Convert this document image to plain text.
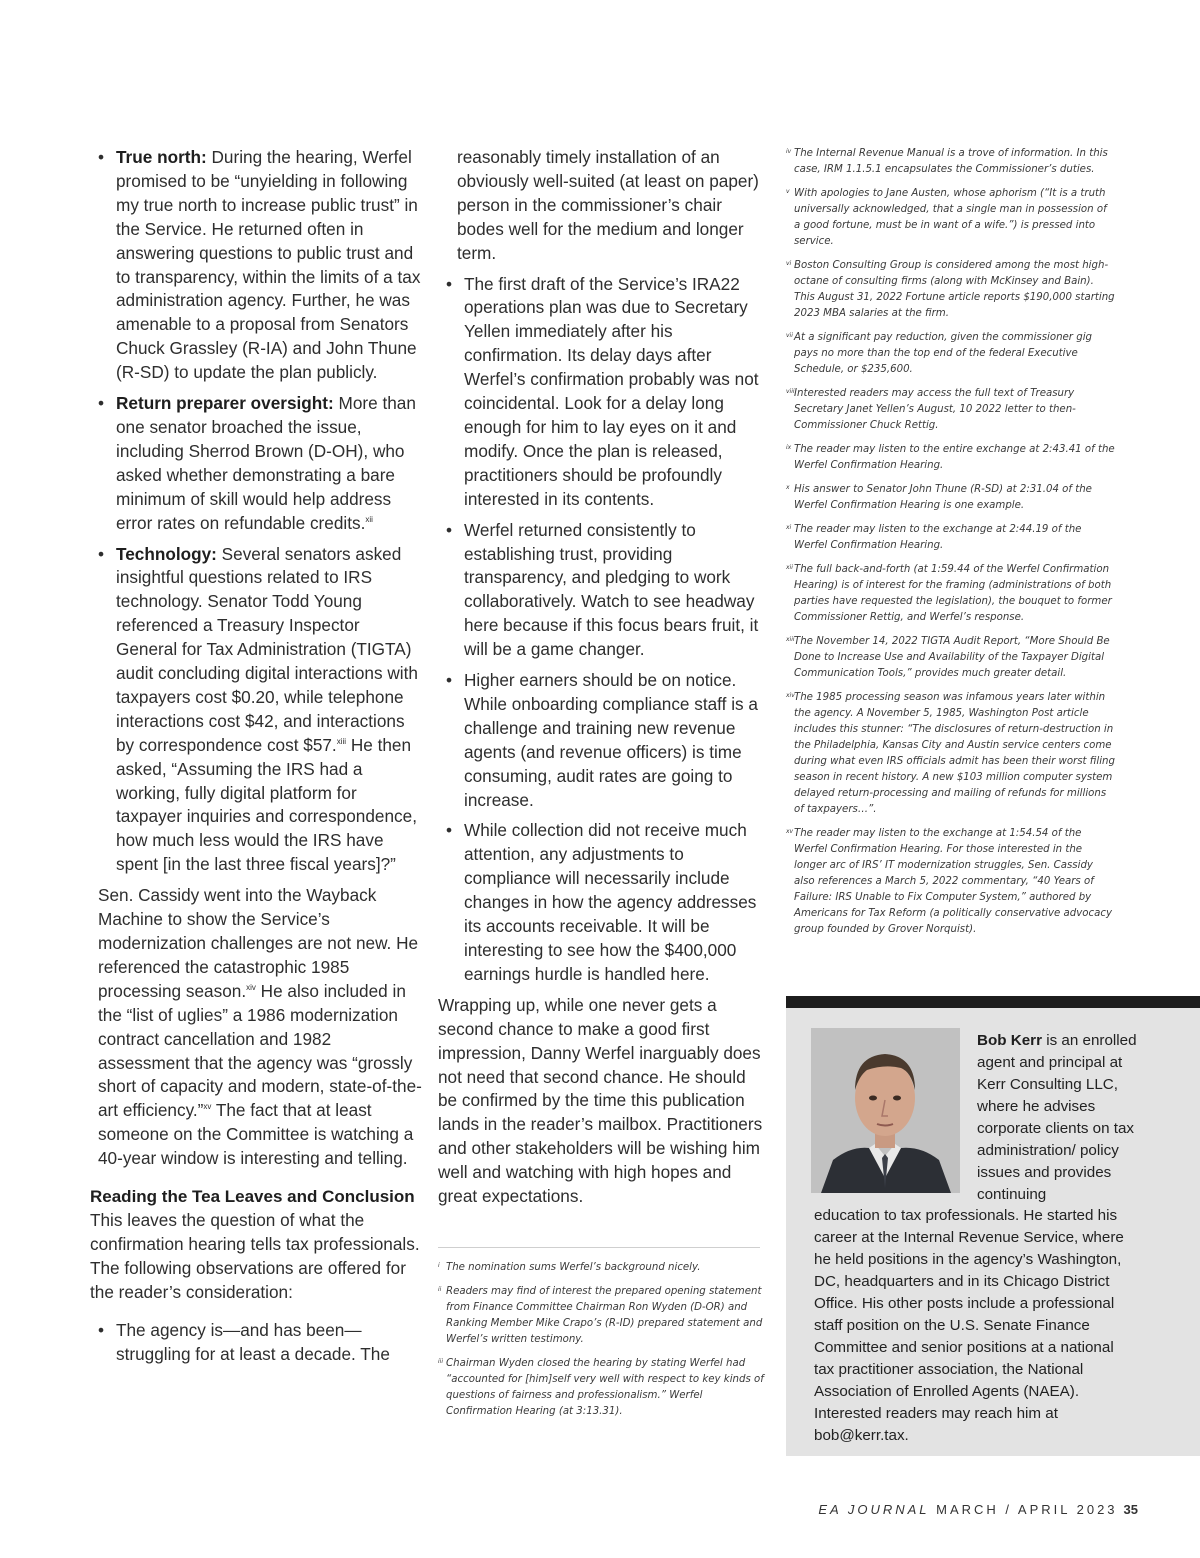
• True north: During the hearing, Werfel promised to be “unyielding in following my true north to increase public trust” in the Service. He returned often in answering questions to public trust and to transparency, within the limits of a tax administration agency. Further, he was amenable to a proposal from Senators Chuck Grassley (R-IA) and John Thune (R-SD) to update the plan publicly.
• Return preparer oversight: More than one senator broached the issue, including Sherrod Brown (D-OH), who asked whether demonstrating a bare minimum of skill would help address error rates on refundable credits.$^{xii}$
• Technology: Several senators asked insightful questions related to IRS technology. Senator Todd Young referenced a Treasury Inspector General for Tax Administration (TIGTA) audit concluding digital interactions with taxpayers cost $0.20, while telephone interactions cost $42, and interactions by correspondence cost $57.$^{xiii}$ He then asked, “Assuming the IRS had a working, fully digital platform for taxpayer inquiries and correspondence, how much less would the IRS have spent [in the last three fiscal years]?”

Sen. Cassidy went into the Wayback Machine to show the Service’s modernization challenges are not new. He referenced the catastrophic 1985 processing season.$^{xiv}$ He also included in the “list of uglies” a 1986 modernization contract cancellation and 1982 assessment that the agency was “grossly short of capacity and modern, state-of-the-art efficiency.”$^{xv}$ The fact that at least someone on the Committee is watching a 40-year window is interesting and telling.

Reading the Tea Leaves and Conclusion

This leaves the question of what the confirmation hearing tells tax professionals. The following observations are offered for the reader’s consideration:

• The agency is—and has been—struggling for at least a decade. The
reasonably timely installation of an obviously well-suited (at least on paper) person in the commissioner’s chair bodes well for the medium and longer term.
• The first draft of the Service’s IRA22 operations plan was due to Secretary Yellen immediately after his confirmation. Its delay days after Werfel’s confirmation probably was not coincidental. Look for a delay long enough for him to lay eyes on it and modify. Once the plan is released, practitioners should be profoundly interested in its contents.
• Werfel returned consistently to establishing trust, providing transparency, and pledging to work collaboratively. Watch to see headway here because if this focus bears fruit, it will be a game changer.
• Higher earners should be on notice. While onboarding compliance staff is a challenge and training new revenue agents (and revenue officers) is time consuming, audit rates are going to increase.
• While collection did not receive much attention, any adjustments to compliance will necessarily include changes in how the agency addresses its accounts receivable. It will be interesting to see how the $400,000 earnings hurdle is handled here.

Wrapping up, while one never gets a second chance to make a good first impression, Danny Werfel inarguably does not need that second chance. He should be confirmed by the time this publication lands in the reader’s mailbox. Practitioners and other stakeholders will be wishing him well and watching with high hopes and great expectations.

i The nomination sums Werfel’s background nicely.

ii Readers may find of interest the prepared opening statement from Finance Committee Chairman Ron Wyden (D-OR) and Ranking Member Mike Crapo’s (R-ID) prepared statement and Werfel’s written testimony.

iii Chairman Wyden closed the hearing by stating Werfel had “accounted for [him]self very well with respect to key kinds of questions of fairness and professionalism.” Werfel Confirmation Hearing (at 3:13.31).

iv The Internal Revenue Manual is a trove of information. In this case, IRM 1.1.5.1 encapsulates the Commissioner’s duties.

v With apologies to Jane Austen, whose aphorism (“It is a truth universally acknowledged, that a single man in possession of a good fortune, must be in want of a wife.”) is pressed into service.

vi Boston Consulting Group is considered among the most high-octane of consulting firms (along with McKinsey and Bain). This August 31, 2022 Fortune article reports $190,000 starting 2023 MBA salaries at the firm.

vii At a significant pay reduction, given the commissioner gig pays no more than the top end of the federal Executive Schedule, or $235,600.

viii Interested readers may access the full text of Treasury Secretary Janet Yellen’s August, 10 2022 letter to then-Commissioner Chuck Rettig.

ix The reader may listen to the entire exchange at 2:43.41 of the Werfel Confirmation Hearing.

x His answer to Senator John Thune (R-SD) at 2:31.04 of the Werfel Confirmation Hearing is one example.

xi The reader may listen to the exchange at 2:44.19 of the Werfel Confirmation Hearing.

xii The full back-and-forth (at 1:59.44 of the Werfel Confirmation Hearing) is of interest for the framing (administrations of both parties have requested the legislation), the bouquet to former Commissioner Rettig, and Werfel’s response.

xiii The November 14, 2022 TIGTA Audit Report, “More Should Be Done to Increase Use and Availability of the Taxpayer Digital Communication Tools,” provides much greater detail.

xiv The 1985 processing season was infamous years later within the agency. A November 5, 1985, Washington Post article includes this stunner: “The disclosures of return-destruction in the Philadelphia, Kansas City and Austin service centers come during what even IRS officials admit has been their worst filing season in recent history. A new $103 million computer system delayed return-processing and mailing of refunds for millions of taxpayers…”.

xv The reader may listen to the exchange at 1:54.54 of the Werfel Confirmation Hearing. For those interested in the longer arc of IRS’ IT modernization struggles, Sen. Cassidy also references a March 5, 2022 commentary, “40 Years of Failure: IRS Unable to Fix Computer System,” authored by Americans for Tax Reform (a politically conservative advocacy group founded by Grover Norquist).

Bob Kerr is an enrolled agent and principal at Kerr Consulting LLC, where he advises corporate clients on tax administration/ policy issues and provides continuing
education to tax professionals. He started his career at the Internal Revenue Service, where he held positions in the agency’s Washington, DC, headquarters and in its Chicago District Office. His other posts include a professional staff position on the U.S. Senate Finance Committee and senior positions at a national tax practitioner association, the National Association of Enrolled Agents (NAEA). Interested readers may reach him at bob@kerr.tax.
EA JOURNAL MARCH / APRIL 2023 35
